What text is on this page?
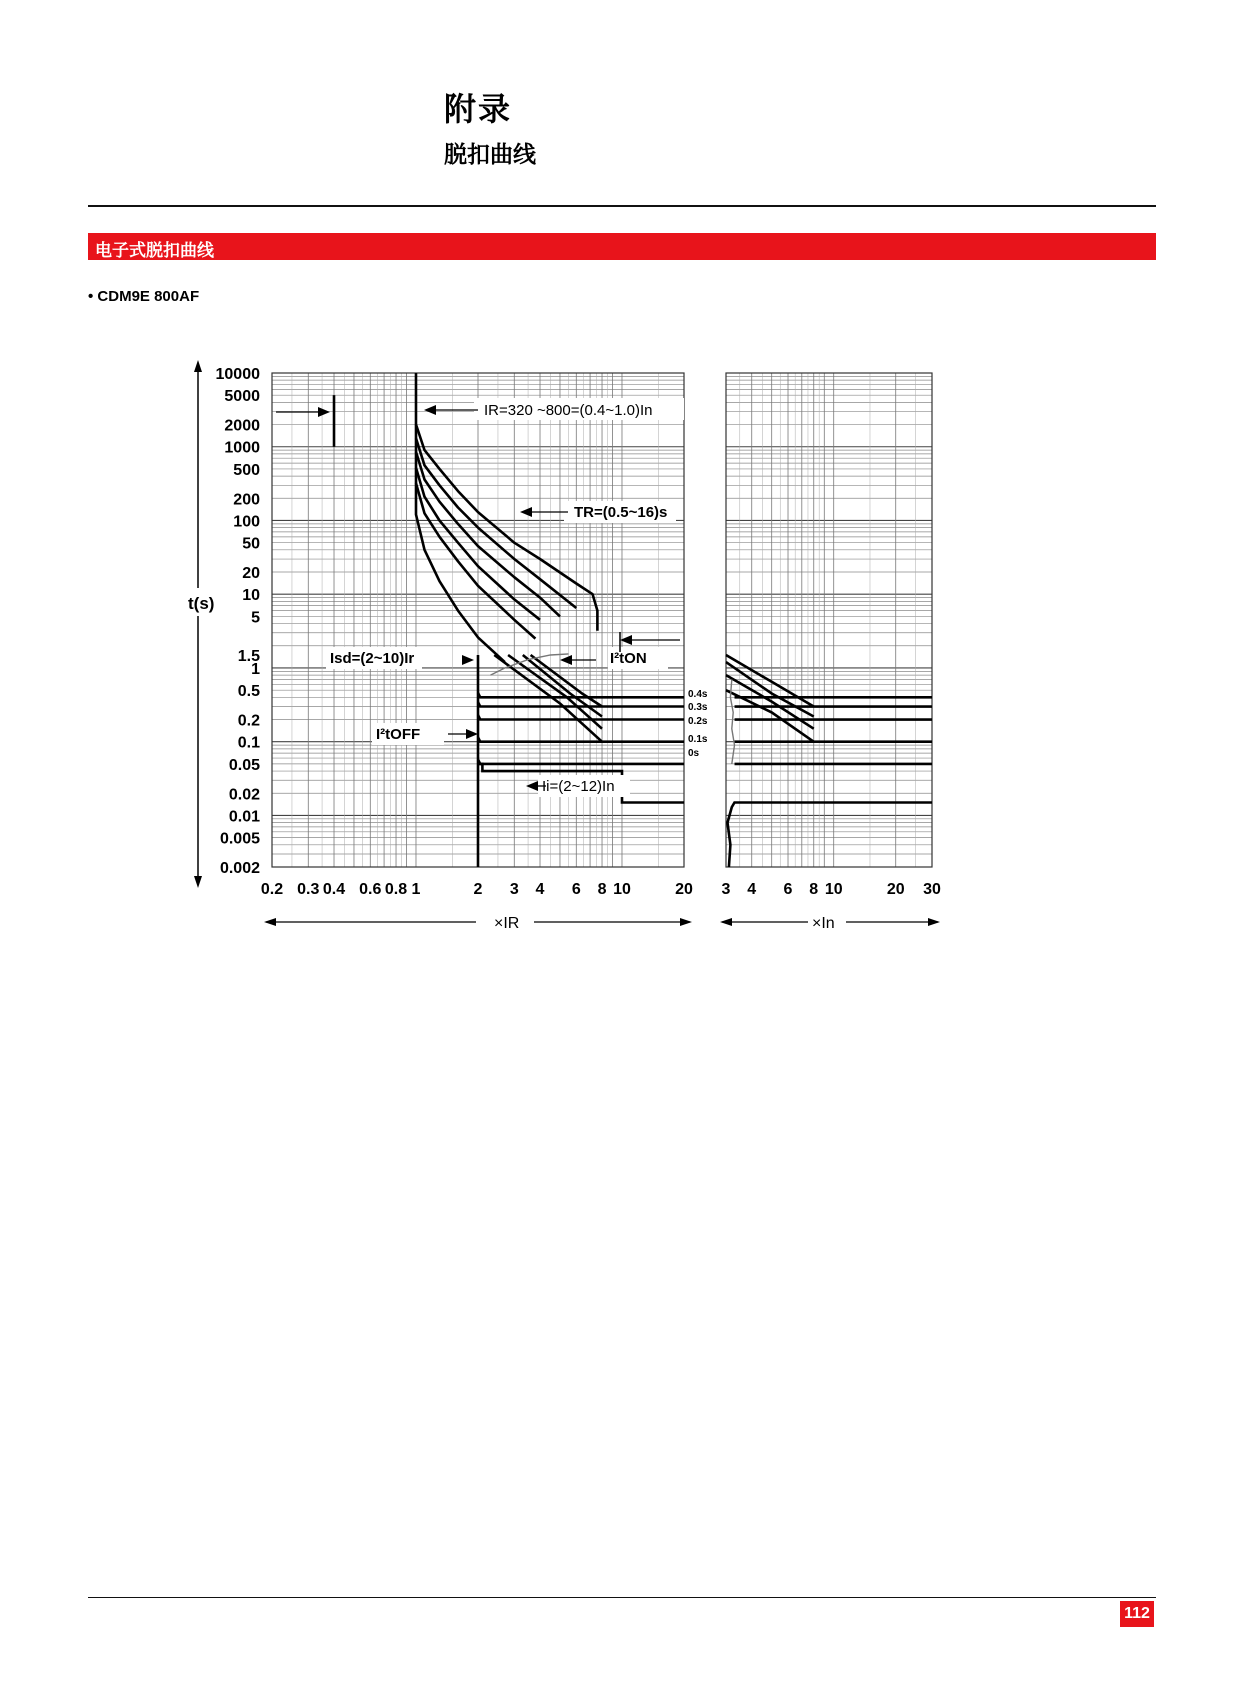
附录
脱扣曲线
电子式脱扣曲线
• CDM9E 800AF
10000
5000
2000
1000
500
200
100
50
20
10
5
1.5
1
0.5
0.2
0.1
0.05
0.02
0.01
0.005
0.002
0.2 0.3 0.4 0.6 0.8 1	2 3 4 6 8 10	20 3 4 6 8 10	20 30
t(s)
×IR	×In
IR=320 ~800=(0.4~1.0)In
TR=(0.5~16)s
Isd=(2~10)Ir	I²tON
I²tOFF
Ii=(2~12)In
0.4s
0.3s
0.2s
0.1s
0s
112
